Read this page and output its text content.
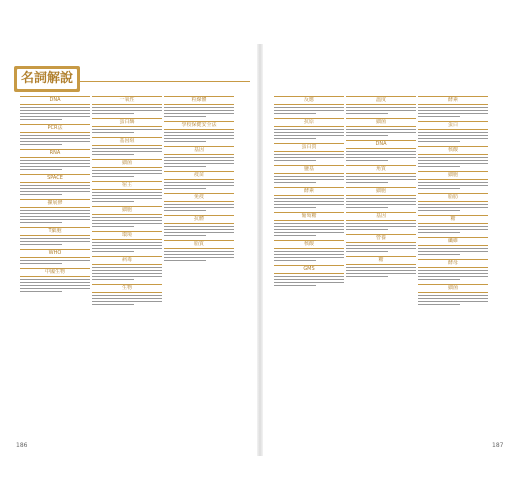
名詞解說
DNA
PCR法
RNA
SPACE
擴展修
T細胞
WHO
中國生物
一氧性
蛋白酶
基因組
細菌
宿主
細胞
環境
病毒
生物
粒線體
學校保健安全法
基因
疫苗
免疫
抗體
脂質
反應
抗原
蛋白質
鹽基
酵素
葡萄糖
核酸
GMS
溫度
細菌
DNA
角質
細胞
基因
營養
糖
酵素
蛋白
核酸
細胞
脂肪
糖
纖維
酵母
細菌
186	187
